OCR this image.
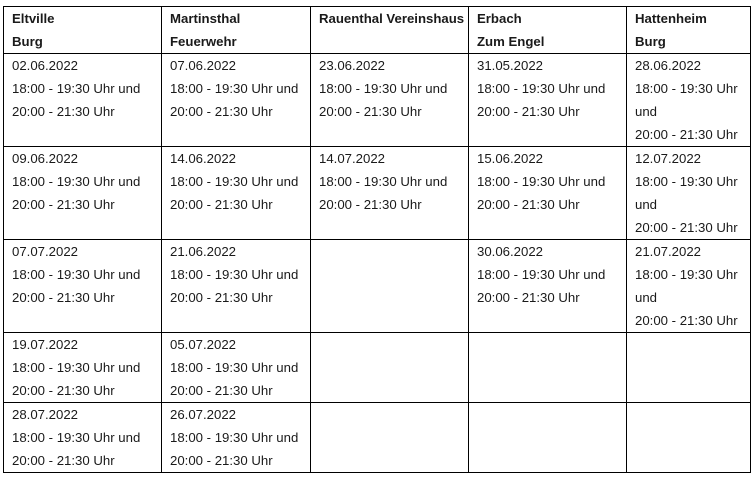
Eltville
Burg	Martinsthal
Feuerwehr	Rauenthal Vereinshaus	Erbach
Zum Engel	Hattenheim
Burg

02.06.2022
18:00 - 19:30 Uhr und
20:00 - 21:30 Uhr	07.06.2022
18:00 - 19:30 Uhr und
20:00 - 21:30 Uhr	23.06.2022
18:00 - 19:30 Uhr und
20:00 - 21:30 Uhr	31.05.2022
18:00 - 19:30 Uhr und
20:00 - 21:30 Uhr	28.06.2022
18:00 - 19:30 Uhr
und
20:00 - 21:30 Uhr

09.06.2022
18:00 - 19:30 Uhr und
20:00 - 21:30 Uhr	14.06.2022
18:00 - 19:30 Uhr und
20:00 - 21:30 Uhr	14.07.2022
18:00 - 19:30 Uhr und
20:00 - 21:30 Uhr	15.06.2022
18:00 - 19:30 Uhr und
20:00 - 21:30 Uhr	12.07.2022
18:00 - 19:30 Uhr
und
20:00 - 21:30 Uhr

07.07.2022
18:00 - 19:30 Uhr und
20:00 - 21:30 Uhr	21.06.2022
18:00 - 19:30 Uhr und
20:00 - 21:30 Uhr		30.06.2022
18:00 - 19:30 Uhr und
20:00 - 21:30 Uhr	21.07.2022
18:00 - 19:30 Uhr
und
20:00 - 21:30 Uhr

19.07.2022
18:00 - 19:30 Uhr und
20:00 - 21:30 Uhr	05.07.2022
18:00 - 19:30 Uhr und
20:00 - 21:30 Uhr			

28.07.2022
18:00 - 19:30 Uhr und
20:00 - 21:30 Uhr	26.07.2022
18:00 - 19:30 Uhr und
20:00 - 21:30 Uhr			
